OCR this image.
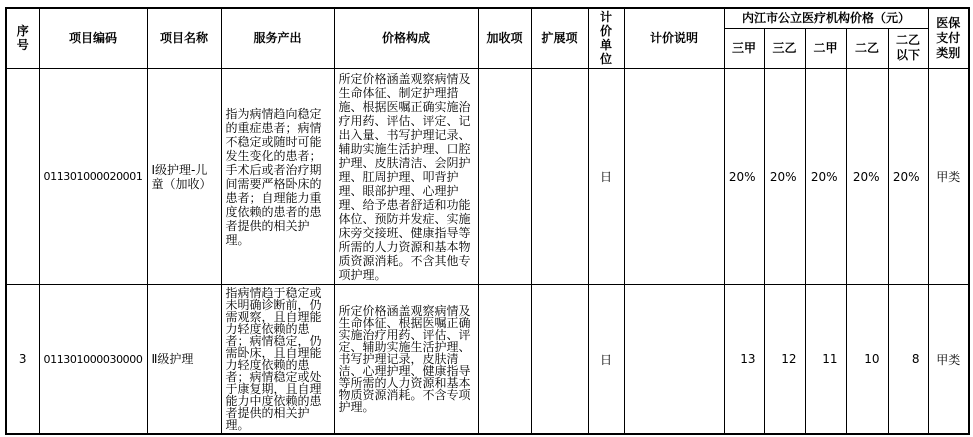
序号	项目编码	项目名称	服务产出	价格构成	加收项	扩展项	计价单位	计价说明	内江市公立医疗机构价格（元）					医保支付类别
									三甲	三乙	二甲	二乙	二乙以下	
	011301000020001	Ⅰ级护理-儿童（加收）	指为病情趋向稳定的重症患者；病情不稳定或随时可能发生变化的患者；手术后或者治疗期间需要严格卧床的患者；自理能力重度依赖的患者的患者提供的相关护理。	所定价格涵盖观察病情及生命体征、制定护理措施、根据医嘱正确实施治疗用药、评估、评定、记出入量、书写护理记录、辅助实施生活护理、口腔护理、皮肤清洁、会阴护理、肛周护理、叩背护理、眼部护理、心理护理、给予患者舒适和功能体位、预防并发症、实施床旁交接班、健康指导等所需的人力资源和基本物质资源消耗。不含其他专项护理。			日		20%	20%	20%	20%	20%	甲类
3	011301000030000	Ⅱ级护理	指病情趋于稳定或未明确诊断前，仍需观察，且自理能力轻度依赖的患者；病情稳定，仍需卧床，且自理能力轻度依赖的患者；病情稳定或处于康复期，且自理能力中度依赖的患者提供的相关护理。	所定价格涵盖观察病情及生命体征、根据医嘱正确实施治疗用药、评估、评定、辅助实施生活护理、书写护理记录，皮肤清洁、心理护理、健康指导等所需的人力资源和基本物质资源消耗。不含专项护理。			日		13	12	11	10	8	甲类
